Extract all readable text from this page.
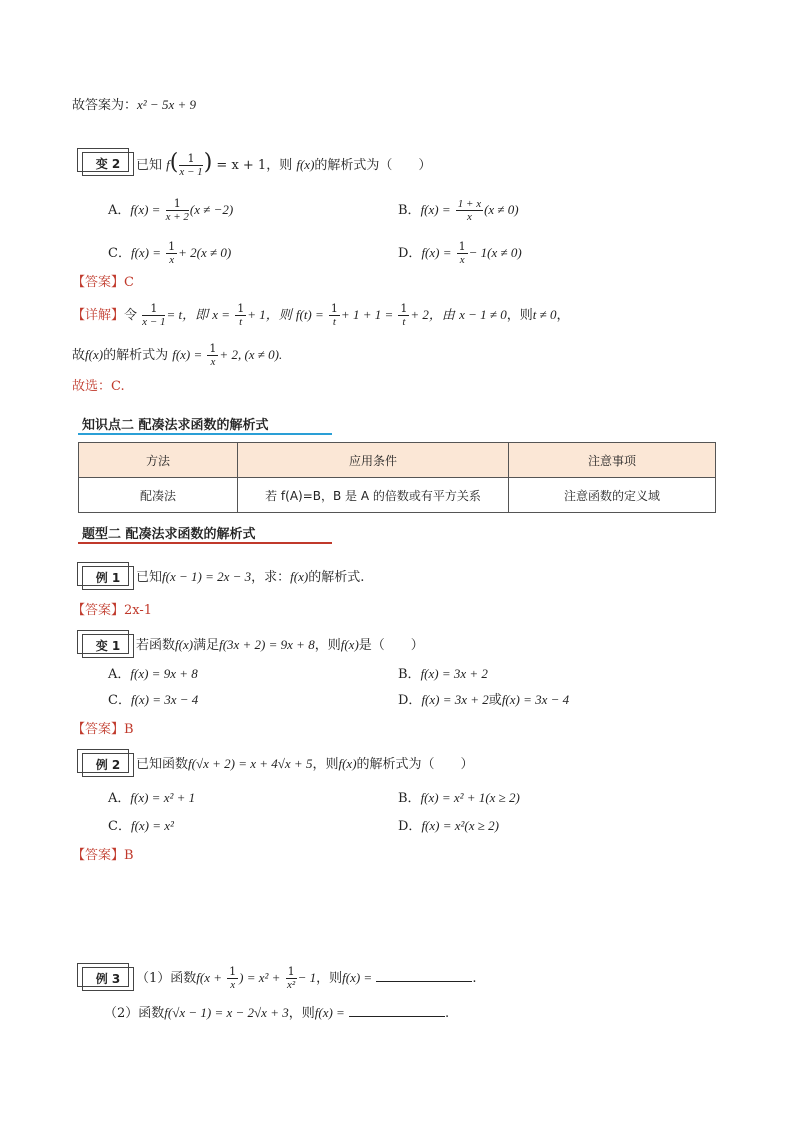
故答案为：x² − 5x + 9
变 2	已知 $f( \frac{1}{x - 1}$ ) = x + 1，则 f(x)的解析式为（　　）
A．$f(x) = \frac{1}{x + 2} (x \ne -2)$	B．$f(x) = \frac{1 + x}{x} (x \ne 0)$
C．$f(x) = \frac{1}{x} + 2(x \ne 0)$	D．$f(x) = \frac{1}{x} - 1(x \ne 0)$
【答案】C
【详解】令 $\frac{1}{x - 1} = t$，即 $x = \frac{1}{t} + 1$，则 $f(t) = \frac{1}{t} + 1 + 1 = \frac{1}{t} + 2$，由 x − 1 ≠ 0，则t ≠ 0，
故f(x)的解析式为 $f(x) = \frac{1}{x} + 2$, (x ≠ 0).
故选：C.
知识点二 配凑法求函数的解析式
方法	应用条件	注意事项
配凑法	若 f(A)=B，B 是 A 的倍数或有平方关系	注意函数的定义域
题型二 配凑法求函数的解析式
例 1	已知f(x − 1) = 2x − 3，求：f(x)的解析式.
【答案】2x-1
变 1	若函数f(x)满足f(3x + 2) = 9x + 8，则f(x)是（　　）
A．f(x) = 9x + 8	B．f(x) = 3x + 2
C．f(x) = 3x − 4	D．f(x) = 3x + 2或f(x) = 3x − 4
【答案】B
例 2	已知函数f(√x + 2) = x + 4√x + 5，则f(x)的解析式为（　　）
A．f(x) = x² + 1	B．f(x) = x² + 1(x ≥ 2)
C．f(x) = x²	D．f(x) = x²(x ≥ 2)
【答案】B
例 3	（1）函数$f(x + \frac{1}{x}$ ) = $x^2 + \frac{1}{\text{x²}} - 1$，则f(x) =	.
（2）函数f(√x − 1) = x − 2√x + 3，则f(x) =	.
